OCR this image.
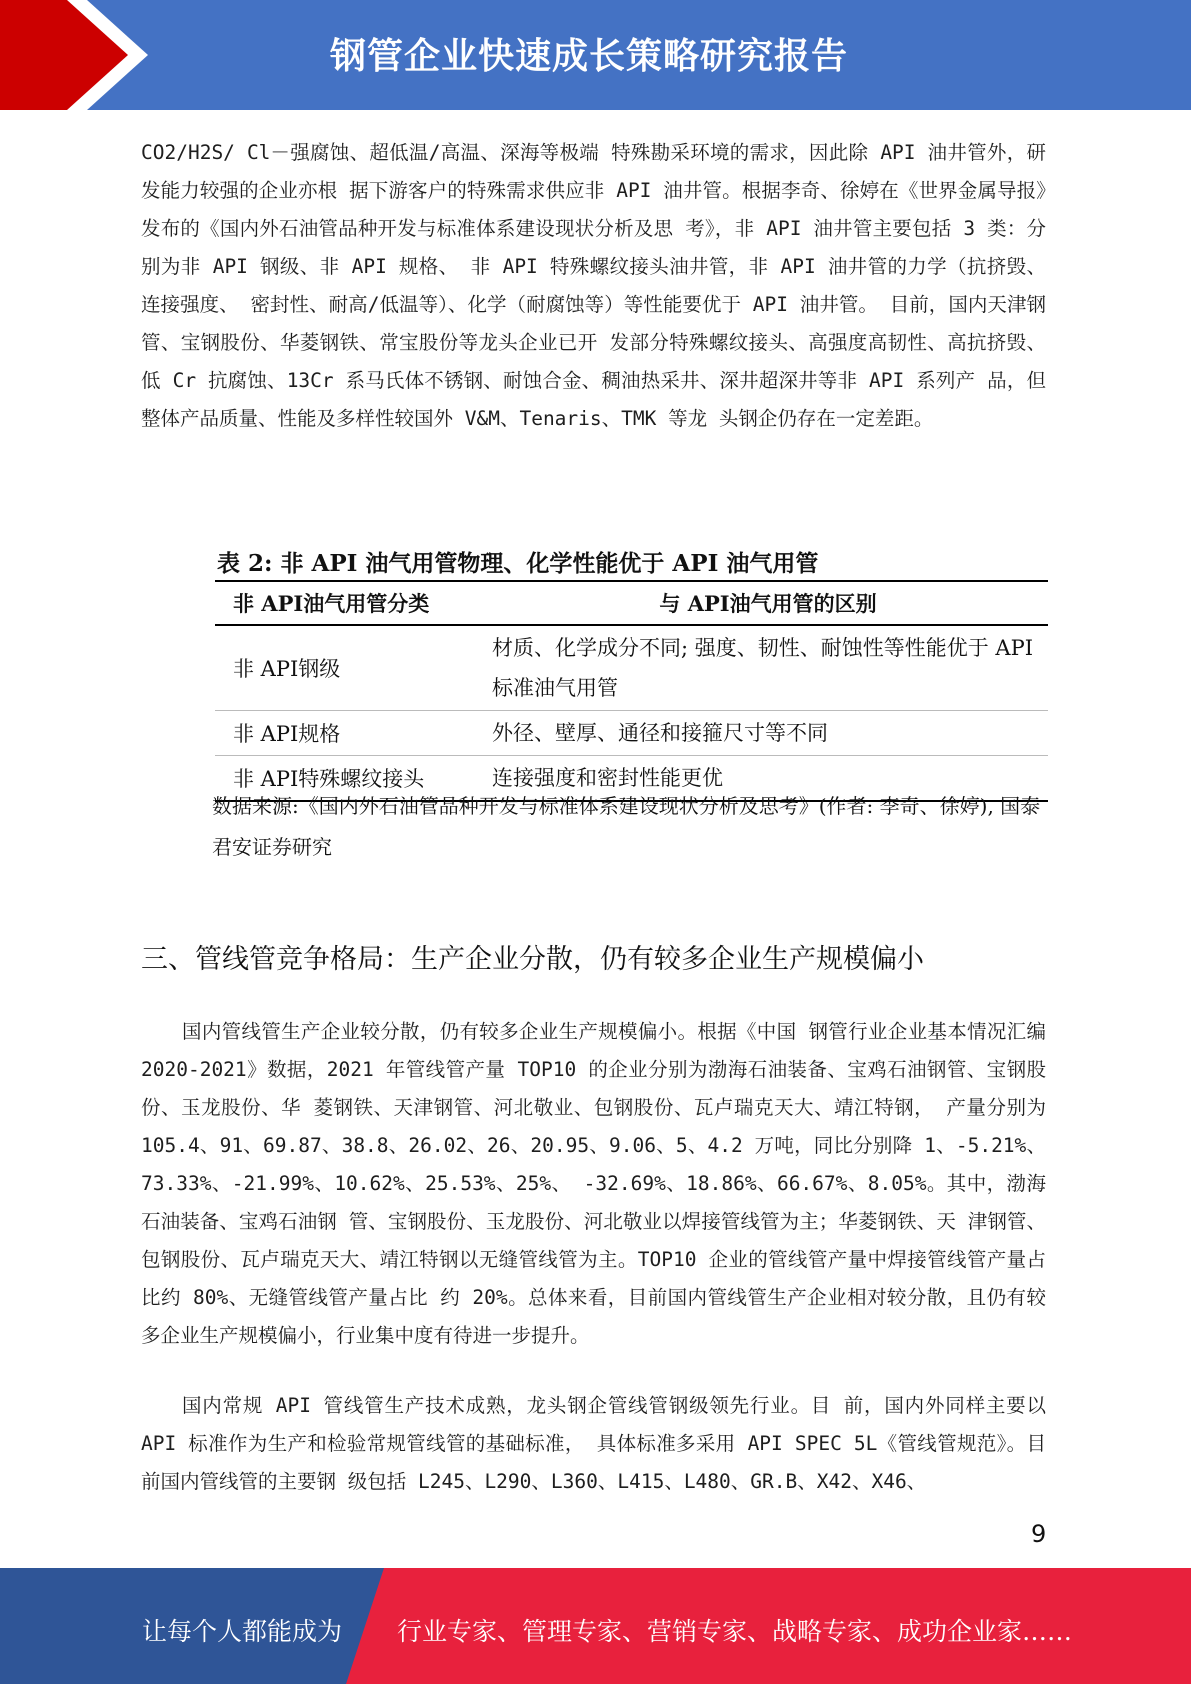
钢管企业快速成长策略研究报告

CO2/H2S/ Cl－强腐蚀、超低温/高温、深海等极端 特殊勘采环境的需求，因此除 API 油井管外，研发能力较强的企业亦根 据下游客户的特殊需求供应非 API 油井管。根据李奇、徐婷在《世界金属导报》发布的《国内外石油管品种开发与标准体系建设现状分析及思 考》，非 API 油井管主要包括 3 类：分别为非 API 钢级、非 API 规格、 非 API 特殊螺纹接头油井管，非 API 油井管的力学（抗挤毁、连接强度、 密封性、耐高/低温等）、化学（耐腐蚀等）等性能要优于 API 油井管。 目前，国内天津钢管、宝钢股份、华菱钢铁、常宝股份等龙头企业已开 发部分特殊螺纹接头、高强度高韧性、高抗挤毁、低 Cr 抗腐蚀、13Cr 系马氏体不锈钢、耐蚀合金、稠油热采井、深井超深井等非 API 系列产 品，但整体产品质量、性能及多样性较国外 V&M、Tenaris、TMK 等龙 头钢企仍存在一定差距。

表 2: 非 API 油气用管物理、化学性能优于 API 油气用管

非 API油气用管分类	与 API油气用管的区别
非 API钢级	材质、化学成分不同; 强度、韧性、耐蚀性等性能优于 API标准油气用管
非 API规格	外径、壁厚、通径和接箍尺寸等不同
非 API特殊螺纹接头	连接强度和密封性能更优

数据来源:《国内外石油管品种开发与标准体系建设现状分析及思考》(作者: 李奇、徐婷), 国泰君安证券研究

三、管线管竞争格局：生产企业分散，仍有较多企业生产规模偏小

国内管线管生产企业较分散，仍有较多企业生产规模偏小。根据《中国 钢管行业企业基本情况汇编 2020-2021》数据，2021 年管线管产量 TOP10 的企业分别为渤海石油装备、宝鸡石油钢管、宝钢股份、玉龙股份、华 菱钢铁、天津钢管、河北敬业、包钢股份、瓦卢瑞克天大、靖江特钢， 产量分别为 105.4、91、69.87、38.8、26.02、26、20.95、9.06、5、4.2 万吨，同比分别降 1、-5.21%、73.33%、-21.99%、10.62%、25.53%、25%、 -32.69%、18.86%、66.67%、8.05%。其中，渤海石油装备、宝鸡石油钢 管、宝钢股份、玉龙股份、河北敬业以焊接管线管为主；华菱钢铁、天 津钢管、包钢股份、瓦卢瑞克天大、靖江特钢以无缝管线管为主。TOP10 企业的管线管产量中焊接管线管产量占比约 80%、无缝管线管产量占比 约 20%。总体来看，目前国内管线管生产企业相对较分散，且仍有较多企业生产规模偏小，行业集中度有待进一步提升。

国内常规 API 管线管生产技术成熟，龙头钢企管线管钢级领先行业。目 前，国内外同样主要以 API 标准作为生产和检验常规管线管的基础标准， 具体标准多采用 API SPEC 5L《管线管规范》。目前国内管线管的主要钢 级包括 L245、L290、L360、L415、L480、GR.B、X42、X46、

9
让每个人都能成为 行业专家、管理专家、营销专家、战略专家、成功企业家……
